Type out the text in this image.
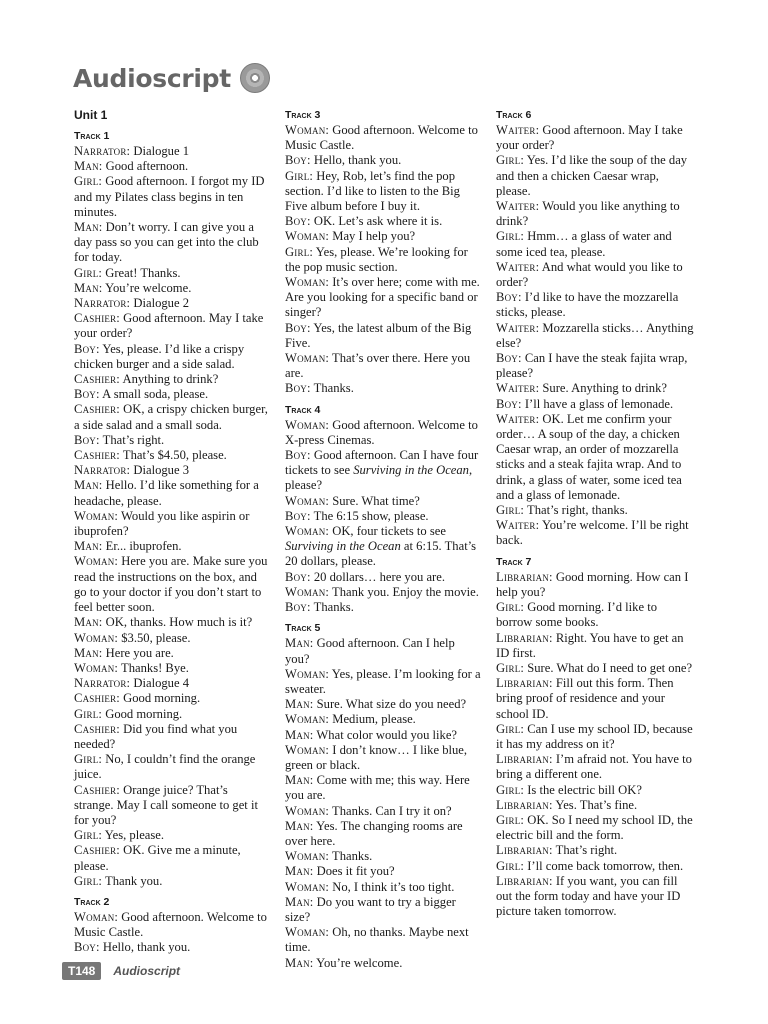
Audioscript
Unit 1
Track 1
Narrator: Dialogue 1
Man: Good afternoon.
Girl: Good afternoon. I forgot my ID and my Pilates class begins in ten minutes.
Man: Don’t worry. I can give you a day pass so you can get into the club for today.
Girl: Great! Thanks.
Man: You’re welcome.
Narrator: Dialogue 2
Cashier: Good afternoon. May I take your order?
Boy: Yes, please. I’d like a crispy chicken burger and a side salad.
Cashier: Anything to drink?
Boy: A small soda, please.
Cashier: OK, a crispy chicken burger, a side salad and a small soda.
Boy: That’s right.
Cashier: That’s $4.50, please.
Narrator: Dialogue 3
Man: Hello. I’d like something for a headache, please.
Woman: Would you like aspirin or ibuprofen?
Man: Er... ibuprofen.
Woman: Here you are. Make sure you read the instructions on the box, and go to your doctor if you don’t start to feel better soon.
Man: OK, thanks. How much is it?
Woman: $3.50, please.
Man: Here you are.
Woman: Thanks! Bye.
Narrator: Dialogue 4
Cashier: Good morning.
Girl: Good morning.
Cashier: Did you find what you needed?
Girl: No, I couldn’t find the orange juice.
Cashier: Orange juice? That’s strange. May I call someone to get it for you?
Girl: Yes, please.
Cashier: OK. Give me a minute, please.
Girl: Thank you.
Track 2
Woman: Good afternoon. Welcome to Music Castle.
Boy: Hello, thank you.
Track 3
Woman: Good afternoon. Welcome to Music Castle.
Boy: Hello, thank you.
Girl: Hey, Rob, let’s find the pop section. I’d like to listen to the Big Five album before I buy it.
Boy: OK. Let’s ask where it is.
Woman: May I help you?
Girl: Yes, please. We’re looking for the pop music section.
Woman: It’s over here; come with me. Are you looking for a specific band or singer?
Boy: Yes, the latest album of the Big Five.
Woman: That’s over there. Here you are.
Boy: Thanks.
Track 4
Woman: Good afternoon. Welcome to X-press Cinemas.
Boy: Good afternoon. Can I have four tickets to see Surviving in the Ocean, please?
Woman: Sure. What time?
Boy: The 6:15 show, please.
Woman: OK, four tickets to see Surviving in the Ocean at 6:15. That’s 20 dollars, please.
Boy: 20 dollars… here you are.
Woman: Thank you. Enjoy the movie.
Boy: Thanks.
Track 5
Man: Good afternoon. Can I help you?
Woman: Yes, please. I’m looking for a sweater.
Man: Sure. What size do you need?
Woman: Medium, please.
Man: What color would you like?
Woman: I don’t know… I like blue, green or black.
Man: Come with me; this way. Here you are.
Woman: Thanks. Can I try it on?
Man: Yes. The changing rooms are over here.
Woman: Thanks.
Man: Does it fit you?
Woman: No, I think it’s too tight.
Man: Do you want to try a bigger size?
Woman: Oh, no thanks. Maybe next time.
Man: You’re welcome.
Track 6
Waiter: Good afternoon. May I take your order?
Girl: Yes. I’d like the soup of the day and then a chicken Caesar wrap, please.
Waiter: Would you like anything to drink?
Girl: Hmm… a glass of water and some iced tea, please.
Waiter: And what would you like to order?
Boy: I’d like to have the mozzarella sticks, please.
Waiter: Mozzarella sticks… Anything else?
Boy: Can I have the steak fajita wrap, please?
Waiter: Sure. Anything to drink?
Boy: I’ll have a glass of lemonade.
Waiter: OK. Let me confirm your order… A soup of the day, a chicken Caesar wrap, an order of mozzarella sticks and a steak fajita wrap. And to drink, a glass of water, some iced tea and a glass of lemonade.
Girl: That’s right, thanks.
Waiter: You’re welcome. I’ll be right back.
Track 7
Librarian: Good morning. How can I help you?
Girl: Good morning. I’d like to borrow some books.
Librarian: Right. You have to get an ID first.
Girl: Sure. What do I need to get one?
Librarian: Fill out this form. Then bring proof of residence and your school ID.
Girl: Can I use my school ID, because it has my address on it?
Librarian: I’m afraid not. You have to bring a different one.
Girl: Is the electric bill OK?
Librarian: Yes. That’s fine.
Girl: OK. So I need my school ID, the electric bill and the form.
Librarian: That’s right.
Girl: I’ll come back tomorrow, then.
Librarian: If you want, you can fill out the form today and have your ID picture taken tomorrow.
T148	Audioscript
